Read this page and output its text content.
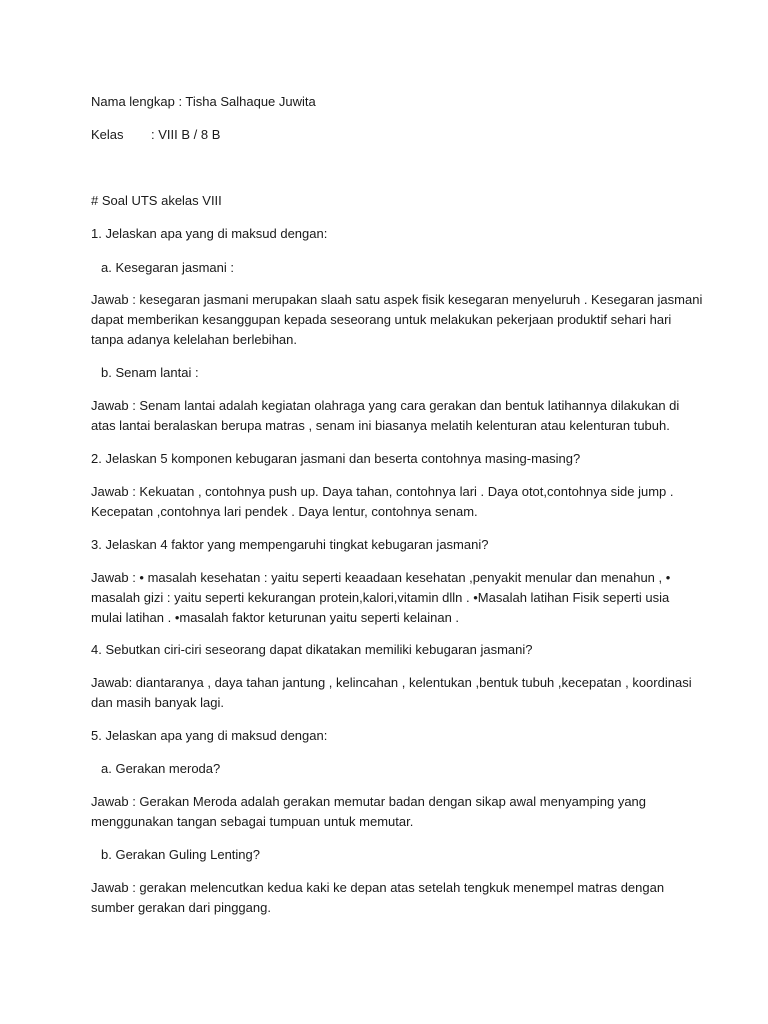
Nama lengkap : Tisha Salhaque Juwita

Kelas : VIII B / 8 B

# Soal UTS akelas VIII

1. Jelaskan apa yang di maksud dengan:

a. Kesegaran jasmani :

Jawab : kesegaran jasmani merupakan slaah satu aspek fisik kesegaran menyeluruh . Kesegaran jasmani

dapat memberikan kesanggupan kepada seseorang untuk melakukan pekerjaan produktif sehari hari

tanpa adanya kelelahan berlebihan.

b. Senam lantai :

Jawab : Senam lantai adalah kegiatan olahraga yang cara gerakan dan bentuk latihannya dilakukan di

atas lantai beralaskan berupa matras , senam ini biasanya melatih kelenturan atau kelenturan tubuh.

2. Jelaskan 5 komponen kebugaran jasmani dan beserta contohnya masing-masing?

Jawab : Kekuatan , contohnya push up. Daya tahan, contohnya lari . Daya otot,contohnya side jump .

Kecepatan ,contohnya lari pendek . Daya lentur, contohnya senam.

3. Jelaskan 4 faktor yang mempengaruhi tingkat kebugaran jasmani?

Jawab : • masalah kesehatan : yaitu seperti keaadaan kesehatan ,penyakit menular dan menahun , •

masalah gizi : yaitu seperti kekurangan protein,kalori,vitamin dlln . •Masalah latihan Fisik seperti usia

mulai latihan . •masalah faktor keturunan yaitu seperti kelainan .

4. Sebutkan ciri-ciri seseorang dapat dikatakan memiliki kebugaran jasmani?

Jawab: diantaranya , daya tahan jantung , kelincahan , kelentukan ,bentuk tubuh ,kecepatan , koordinasi

dan masih banyak lagi.

5. Jelaskan apa yang di maksud dengan:

a. Gerakan meroda?

Jawab : Gerakan Meroda adalah gerakan memutar badan dengan sikap awal menyamping yang

menggunakan tangan sebagai tumpuan untuk memutar.

b. Gerakan Guling Lenting?

Jawab : gerakan melencutkan kedua kaki ke depan atas setelah tengkuk menempel matras dengan

sumber gerakan dari pinggang.
